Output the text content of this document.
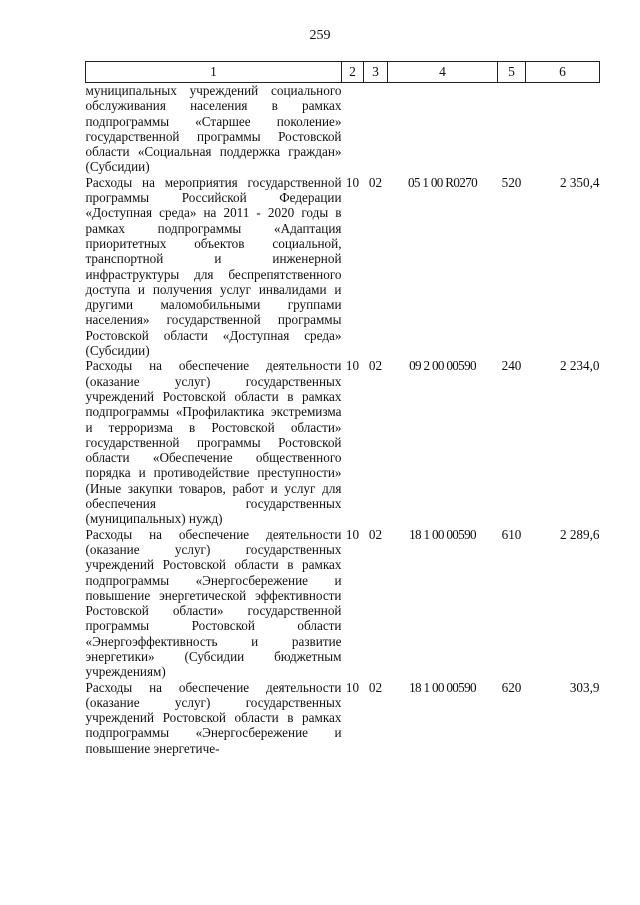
259
1	2	3	4	5	6
муниципальных учреждений социального обслуживания населения в рамках подпрограммы «Старшее поколение» государственной программы Ростовской области «Социальная поддержка граждан» (Субсидии)					
Расходы на мероприятия государственной программы Российской Федерации «Доступная среда» на 2011 - 2020 годы в рамках подпрограммы «Адаптация приоритетных объектов социальной, транспортной и инженерной инфраструктуры для беспрепятственного доступа и получения услуг инвалидами и другими маломобильными группами населения» государственной программы Ростовской области «Доступная среда» (Субсидии)	10	02	05 1 00 R0270	520	2 350,4
Расходы на обеспечение деятельности (оказание услуг) государственных учреждений Ростовской области в рамках подпрограммы «Профилактика экстремизма и терроризма в Ростовской области» государственной программы Ростовской области «Обеспечение общественного порядка и противодействие преступности» (Иные закупки товаров, работ и услуг для обеспечения государственных (муниципальных) нужд)	10	02	09 2 00 00590	240	2 234,0
Расходы на обеспечение деятельности (оказание услуг) государственных учреждений Ростовской области в рамках подпрограммы «Энергосбережение и повышение энергетической эффективности Ростовской области» государственной программы Ростовской области «Энергоэффективность и развитие энергетики» (Субсидии бюджетным учреждениям)	10	02	18 1 00 00590	610	2 289,6
Расходы на обеспечение деятельности (оказание услуг) государственных учреждений Ростовской области в рамках подпрограммы «Энергосбережение и повышение энергетиче-	10	02	18 1 00 00590	620	303,9
